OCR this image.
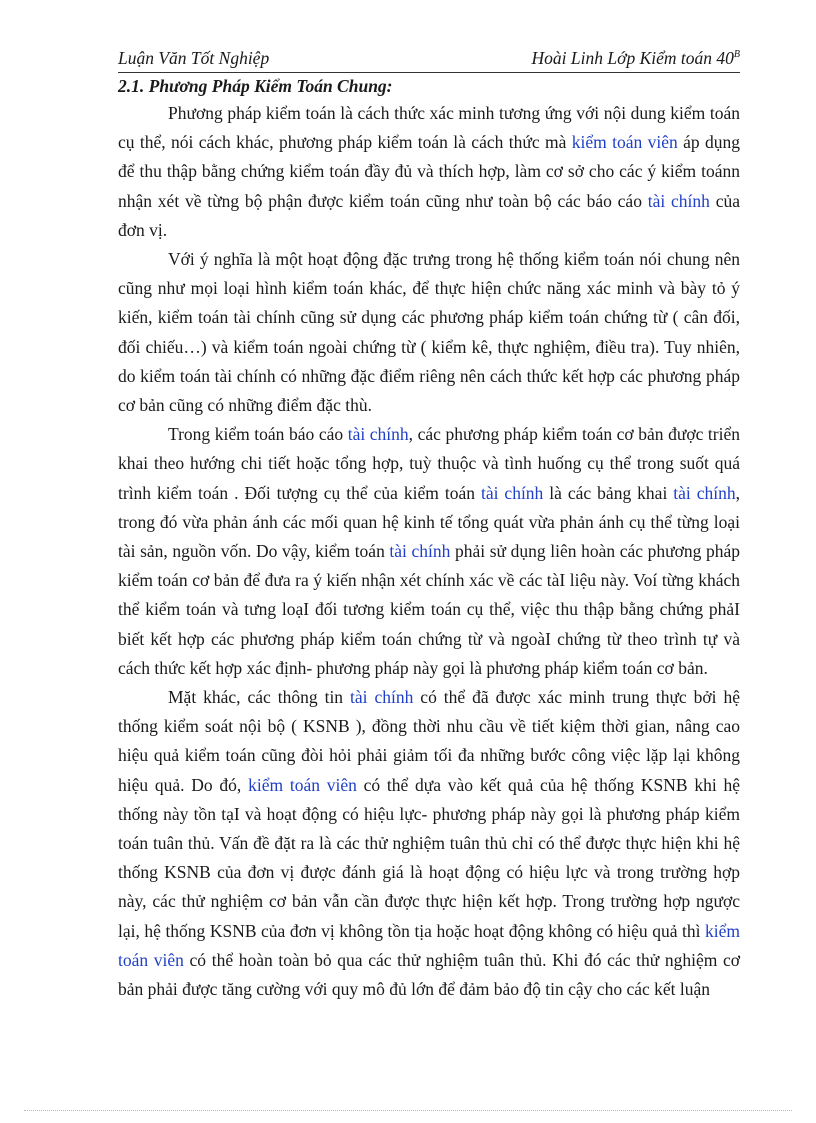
Luận Văn Tốt Nghiệp	Hoài Linh Lớp Kiểm toán $40^B$
2.1. Phương Pháp Kiểm Toán Chung:

Phương pháp kiểm toán là cách thức xác minh tương ứng với nội dung kiểm toán cụ thể, nói cách khác, phương pháp kiểm toán là cách thức mà kiểm toán viên áp dụng để thu thập bằng chứng kiểm toán đầy đủ và thích hợp, làm cơ sở cho các ý kiểm toánn nhận xét về từng bộ phận được kiểm toán cũng như toàn bộ các báo cáo tài chính của đơn vị.

Với ý nghĩa là một hoạt động đặc trưng trong hệ thống kiểm toán nói chung nên cũng như mọi loại hình kiểm toán khác, để thực hiện chức năng xác minh và bày tỏ ý kiến, kiểm toán tài chính cũng sử dụng các phương pháp kiểm toán chứng từ ( cân đối, đối chiếu…) và kiểm toán ngoài chứng từ ( kiểm kê, thực nghiệm, điều tra). Tuy nhiên, do kiểm toán tài chính có những đặc điểm riêng nên cách thức kết hợp các phương pháp cơ bản cũng có những điểm đặc thù.

Trong kiểm toán báo cáo tài chính, các phương pháp kiểm toán cơ bản được triển khai theo hướng chi tiết hoặc tổng hợp, tuỳ thuộc và tình huống cụ thể trong suốt quá trình kiểm toán . Đối tượng cụ thể của kiểm toán tài chính là các bảng khai tài chính, trong đó vừa phản ánh các mối quan hệ kinh tế tổng quát vừa phản ánh cụ thể từng loại tài sản, nguồn vốn. Do vậy, kiểm toán tài chính phải sử dụng liên hoàn các phương pháp kiểm toán cơ bản để đưa ra ý kiến nhận xét chính xác về các tàI liệu này. Voí từng khách thể kiểm toán và tưng loạI đối tương kiểm toán cụ thể, việc thu thập bằng chứng phảI biết kết hợp các phương pháp kiểm toán chứng từ và ngoàI chứng từ theo trình tự và cách thức kết hợp xác định- phương pháp này gọi là phương pháp kiểm toán cơ bản.

Mặt khác, các thông tin tài chính có thể đã được xác minh trung thực bởi hệ thống kiểm soát nội bộ ( KSNB ), đồng thời nhu cầu về tiết kiệm thời gian, nâng cao hiệu quả kiểm toán cũng đòi hỏi phải giảm tối đa những bước công việc lặp lại không hiệu quả. Do đó, kiểm toán viên có thể dựa vào kết quả của hệ thống KSNB khi hệ thống này tồn tạI và hoạt động có hiệu lực- phương pháp này gọi là phương pháp kiểm toán tuân thủ. Vấn đề đặt ra là các thử nghiệm tuân thủ chỉ có thể được thực hiện khi hệ thống KSNB của đơn vị được đánh giá là hoạt động có hiệu lực và trong trường hợp này, các thử nghiệm cơ bản vẫn cần được thực hiện kết hợp. Trong trường hợp ngược lại, hệ thống KSNB của đơn vị không tồn tịa hoặc hoạt động không có hiệu quả thì kiểm toán viên có thể hoàn toàn bỏ qua các thử nghiệm tuân thủ. Khi đó các thử nghiệm cơ bản phải được tăng cường với quy mô đủ lớn để đảm bảo độ tin cậy cho các kết luận
